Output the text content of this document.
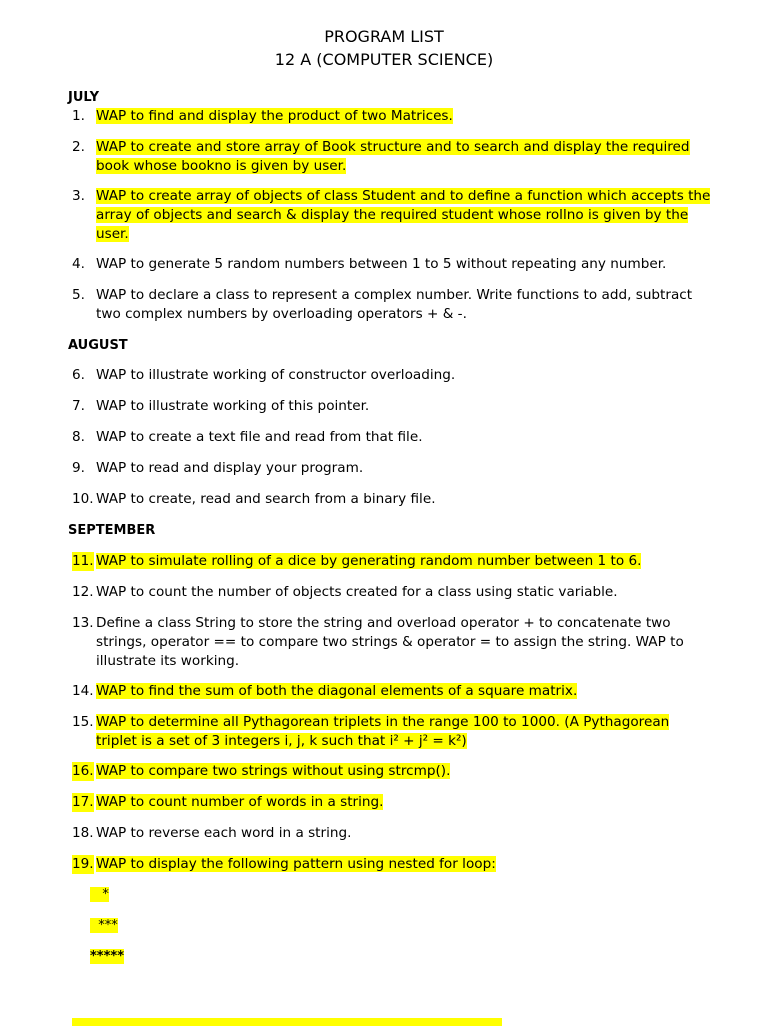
PROGRAM LIST
12 A (COMPUTER SCIENCE)
JULY
1. WAP to find and display the product of two Matrices.
2. WAP to create and store array of Book structure and to search and display the required book whose bookno is given by user.
3. WAP to create array of objects of class Student and to define a function which accepts the array of objects and search & display the required student whose rollno is given by the user.
4. WAP to generate 5 random numbers between 1 to 5 without repeating any number.
5. WAP to declare a class to represent a complex number. Write functions to add, subtract two complex numbers by overloading operators + & -.
AUGUST
6. WAP to illustrate working of constructor overloading.
7. WAP to illustrate working of this pointer.
8. WAP to create a text file and read from that file.
9. WAP to read and display your program.
10. WAP to create, read and search from a binary file.
SEPTEMBER
11. WAP to simulate rolling of a dice by generating random number between 1 to 6.
12. WAP to count the number of objects created for a class using static variable.
13. Define a class String to store the string and overload operator + to concatenate two strings, operator == to compare two strings & operator = to assign the string. WAP to illustrate its working.
14. WAP to find the sum of both the diagonal elements of a square matrix.
15. WAP to determine all Pythagorean triplets in the range 100 to 1000. (A Pythagorean triplet is a set of 3 integers i, j, k such that i² + j² = k²)
16. WAP to compare two strings without using strcmp().
17. WAP to count number of words in a string.
18. WAP to reverse each word in a string.
19. WAP to display the following pattern using nested for loop:
*
***
*****
